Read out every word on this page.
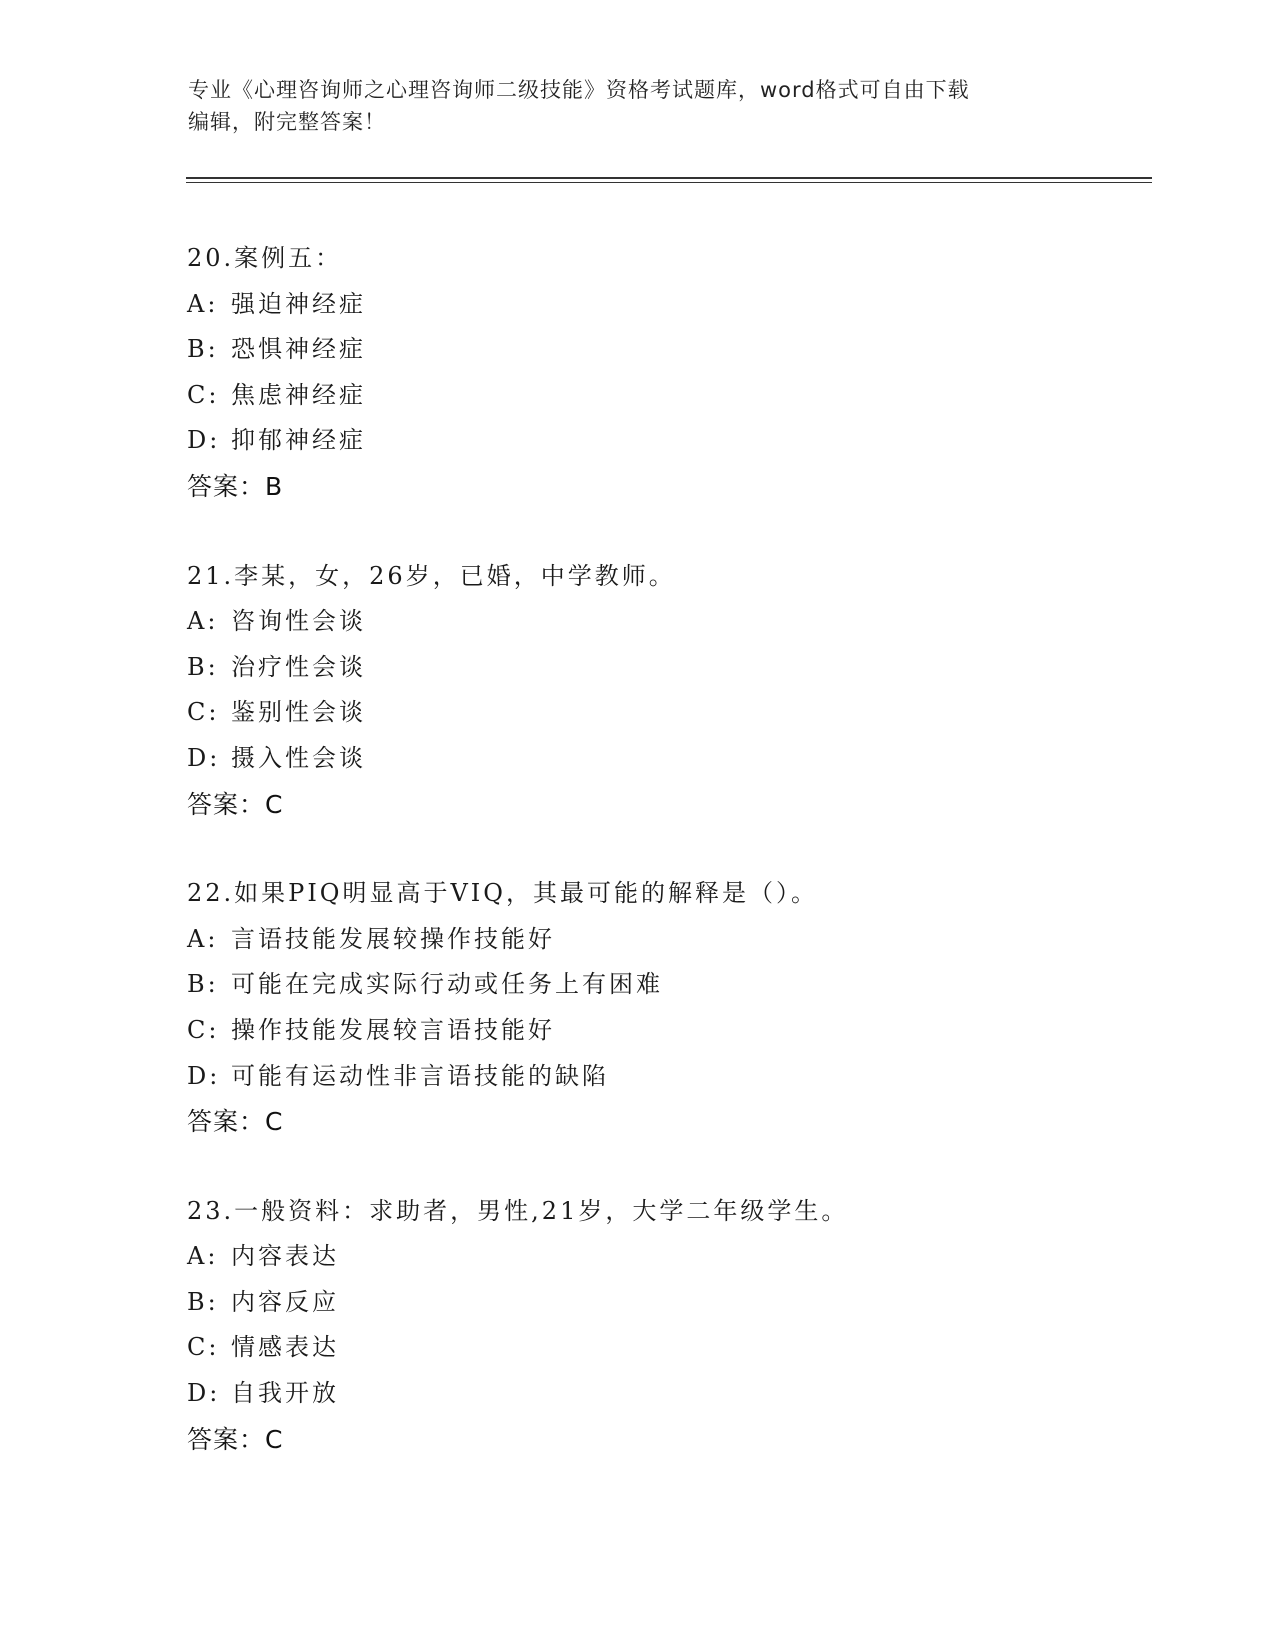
专业《心理咨询师之心理咨询师二级技能》资格考试题库，word格式可自由下载
编辑，附完整答案！
20.案例五：
A: 强迫神经症
B: 恐惧神经症
C: 焦虑神经症
D: 抑郁神经症
答案：B
21.李某，女，26岁，已婚，中学教师。
A: 咨询性会谈
B: 治疗性会谈
C: 鉴别性会谈
D: 摄入性会谈
答案：C
22.如果PIQ明显高于VIQ，其最可能的解释是（）。
A: 言语技能发展较操作技能好
B: 可能在完成实际行动或任务上有困难
C: 操作技能发展较言语技能好
D: 可能有运动性非言语技能的缺陷
答案：C
23.一般资料：求助者，男性,21岁，大学二年级学生。
A: 内容表达
B: 内容反应
C: 情感表达
D: 自我开放
答案：C
